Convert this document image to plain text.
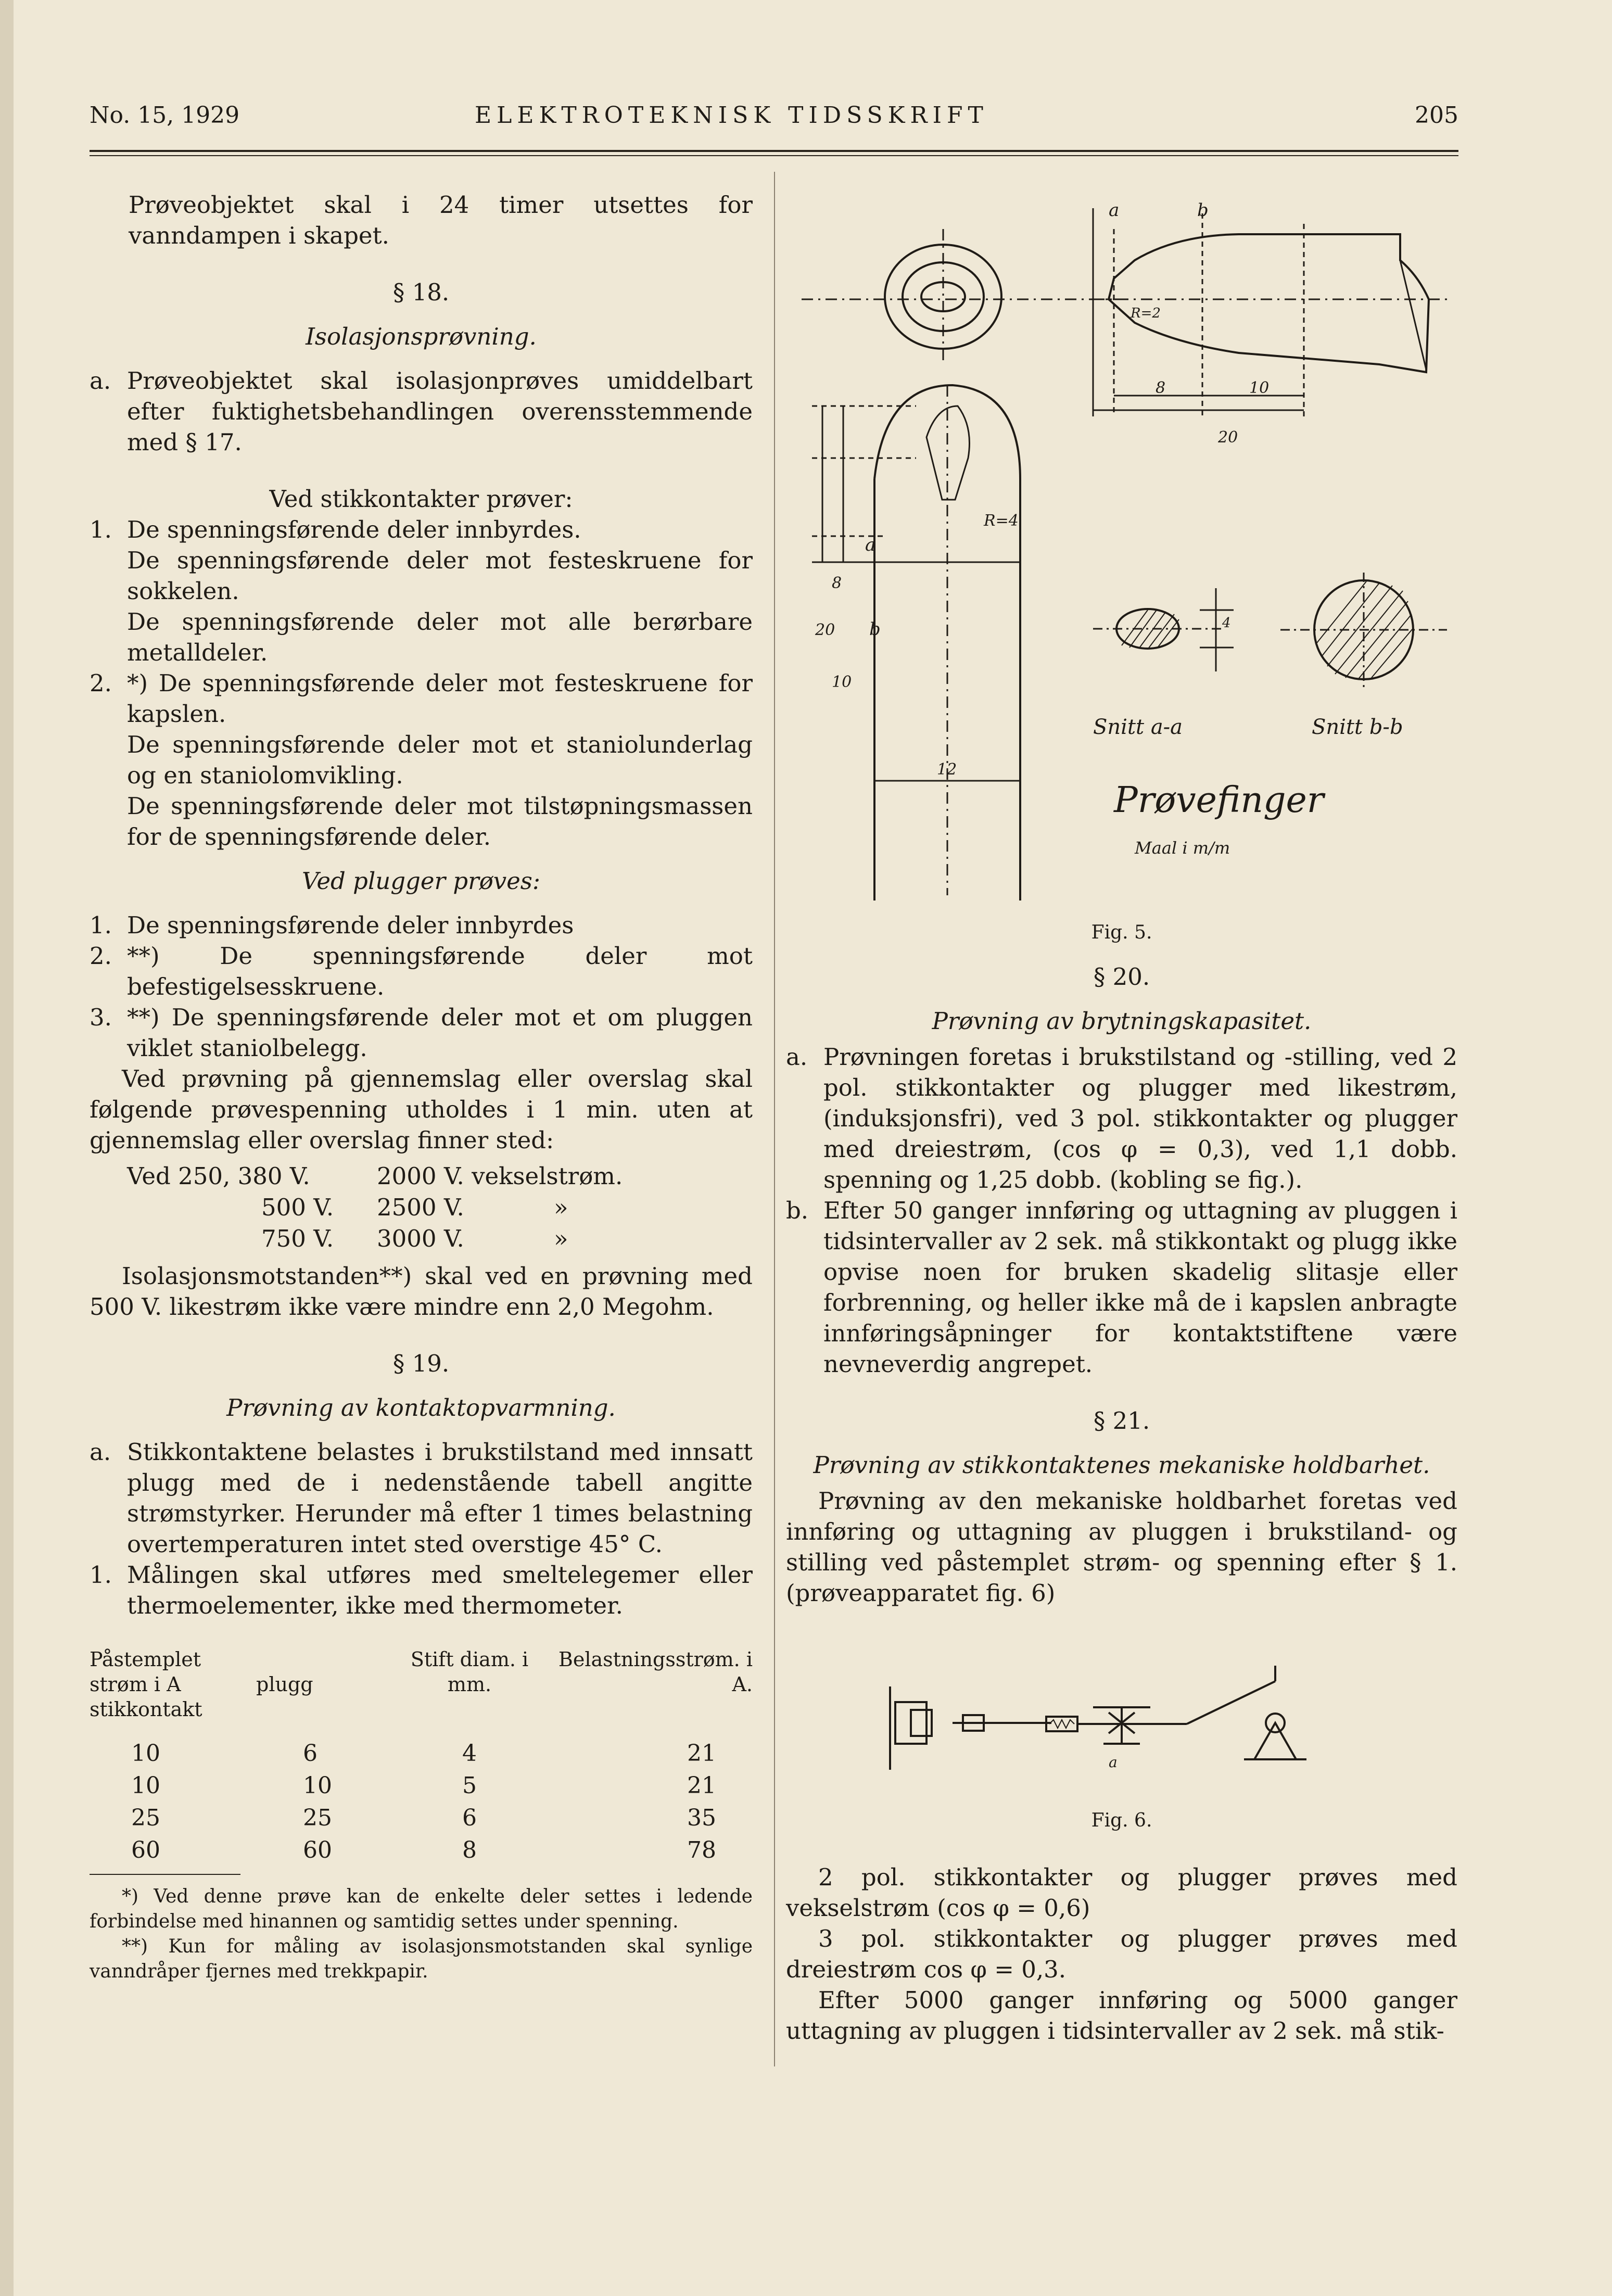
No. 15, 1929	ELEKTROTEKNISK TIDSSKRIFT	205

Prøveobjektet skal i 24 timer utsettes for vanndampen i skapet.

§ 18.

Isolasjonsprøvning.

a. Prøveobjektet skal isolasjonprøves umiddelbart efter fuktighetsbehandlingen overensstemmende med § 17.

Ved stikkontakter prøver:

1. De spenningsførende deler innbyrdes.

De spenningsførende deler mot festeskruene for sokkelen.

De spenningsførende deler mot alle berørbare metalldeler.

2. *) De spenningsførende deler mot festeskruene for kapslen.

De spenningsførende deler mot et staniolunderlag og en staniolomvikling.

De spenningsførende deler mot tilstøpningsmassen for de spenningsførende deler.

Ved plugger prøves:

1. De spenningsførende deler innbyrdes

2. **) De spenningsførende deler mot befestigelsesskruene.

3. **) De spenningsførende deler mot et om pluggen viklet staniolbelegg.

Ved prøvning på gjennemslag eller overslag skal følgende prøvespenning utholdes i 1 min. uten at gjennemslag eller overslag finner sted:

Ved 250, 380 V.	2000 V. vekselstrøm.	
500 V.	2500 V.	»
750 V.	3000 V.	»

Isolasjonsmotstanden**) skal ved en prøvning med 500 V. likestrøm ikke være mindre enn 2,0 Megohm.

§ 19.

Prøvning av kontaktopvarmning.

a. Stikkontaktene belastes i brukstilstand med innsatt plugg med de i nedenstående tabell angitte strømstyrker. Herunder må efter 1 times belastning overtemperaturen intet sted overstige 45° C.

1. Målingen skal utføres med smeltelegemer eller thermoelementer, ikke med thermometer.

Påstemplet strøm i A stikkontakt	plugg	Stift diam. i mm.	Belastningsstrøm. i A.

10	6	4	21
10	10	5	21
25	25	6	35
60	60	8	78

*) Ved denne prøve kan de enkelte deler settes i ledende forbindelse med hinannen og samtidig settes under spenning.

**) Kun for måling av isolasjonsmotstanden skal synlige vanndråper fjernes med trekkpapir.

a	b
R=2
8	10
20
R=4
a
b
20
8
10
12
4
Snitt a-a	Snitt b-b
Prøvefinger
Maal i m/m

Fig. 5.

§ 20.

Prøvning av brytningskapasitet.

a. Prøvningen foretas i brukstilstand og -stilling, ved 2 pol. stikkontakter og plugger med likestrøm, (induksjonsfri), ved 3 pol. stikkontakter og plugger med dreiestrøm, (cos φ = 0,3), ved 1,1 dobb. spenning og 1,25 dobb. (kobling se fig.).

b. Efter 50 ganger innføring og uttagning av pluggen i tidsintervaller av 2 sek. må stikkontakt og plugg ikke opvise noen for bruken skadelig slitasje eller forbrenning, og heller ikke må de i kapslen anbragte innføringsåpninger for kontaktstiftene være nevneverdig angrepet.

§ 21.

Prøvning av stikkontaktenes mekaniske holdbarhet.

Prøvning av den mekaniske holdbarhet foretas ved innføring og uttagning av pluggen i brukstiland- og stilling ved påstemplet strøm- og spenning efter § 1. (prøveapparatet fig. 6)

a

Fig. 6.

2 pol. stikkontakter og plugger prøves med vekselstrøm (cos φ = 0,6)

3 pol. stikkontakter og plugger prøves med dreiestrøm cos φ = 0,3.

Efter 5000 ganger innføring og 5000 ganger uttagning av pluggen i tidsintervaller av 2 sek. må stik-
